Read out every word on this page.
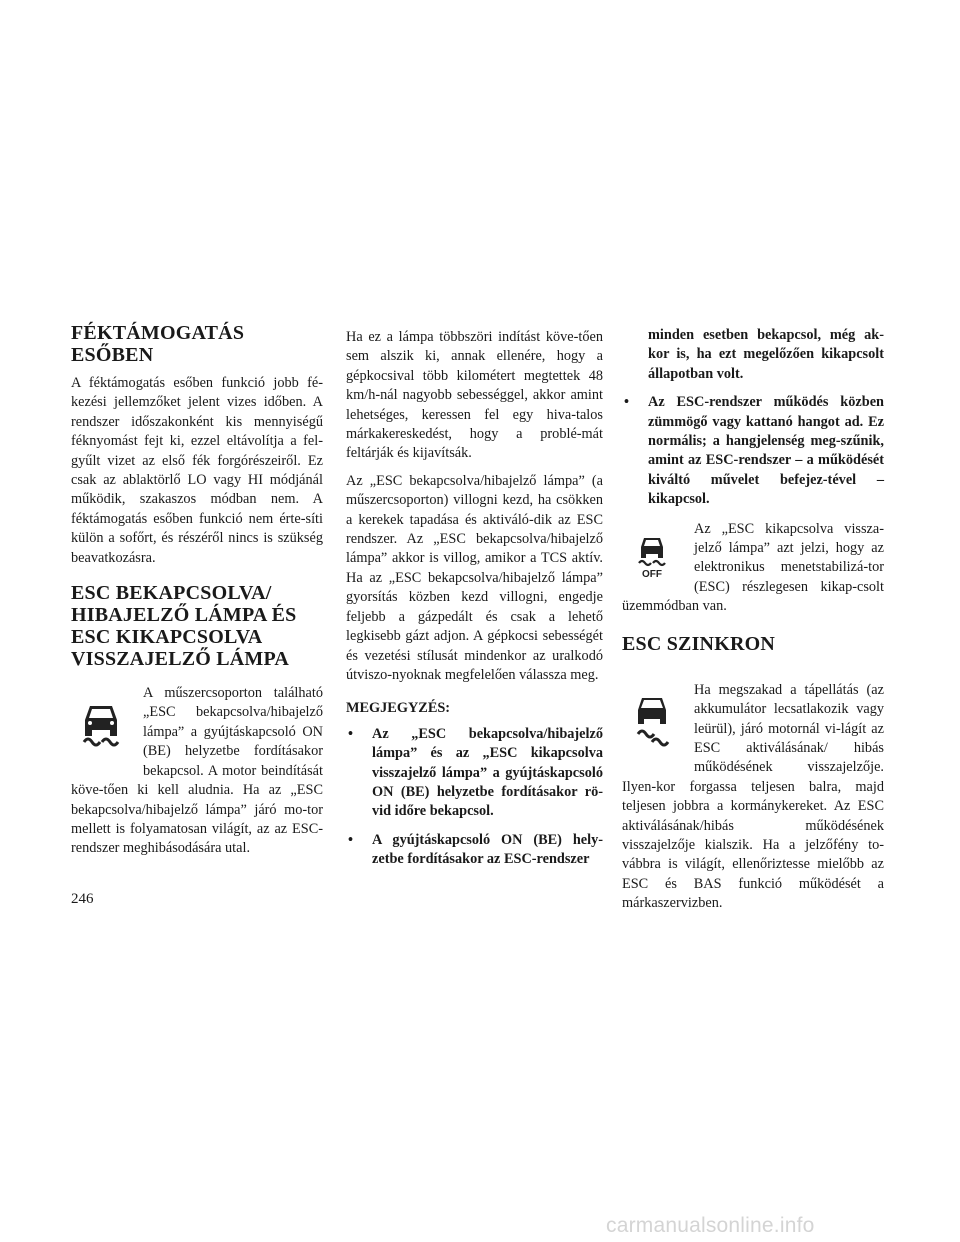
FÉKTÁMOGATÁS ESŐBEN

A féktámogatás esőben funkció jobb fé-kezési jellemzőket jelent vizes időben. A rendszer időszakonként kis mennyiségű féknyomást fejt ki, ezzel eltávolítja a fel-gyűlt vizet az első fék forgórészeiről. Ez csak az ablaktörlő LO vagy HI módjánál működik, szakaszos módban nem. A féktámogatás esőben funkció nem érte-síti külön a sofőrt, és részéről nincs is szükség beavatkozásra.

ESC BEKAPCSOLVA/ HIBAJELZŐ LÁMPA ÉS ESC KIKAPCSOLVA VISSZAJELZŐ LÁMPA

A műszercsoporton található „ESC bekapcsolva/hibajelző lámpa” a gyújtáskapcsoló ON (BE) helyzetbe fordításakor bekapcsol. A motor beindítását köve-tően ki kell aludnia. Ha az „ESC bekapcsolva/hibajelző lámpa” járó mo-tor mellett is folyamatosan világít, az az ESC-rendszer meghibásodására utal.

Ha ez a lámpa többszöri indítást köve-tően sem alszik ki, annak ellenére, hogy a gépkocsival több kilométert megtettek 48 km/h-nál nagyobb sebességgel, akkor amint lehetséges, keressen fel egy hiva-talos márkakereskedést, hogy a problé-mát feltárják és kijavítsák.

Az „ESC bekapcsolva/hibajelző lámpa” (a műszercsoporton) villogni kezd, ha csökken a kerekek tapadása és aktiváló-dik az ESC rendszer. Az „ESC bekapcsolva/hibajelző lámpa” akkor is villog, amikor a TCS aktív. Ha az „ESC bekapcsolva/hibajelző lámpa” gyorsítás közben kezd villogni, engedje feljebb a gázpedált és csak a lehető legkisebb gázt adjon. A gépkocsi sebességét és vezetési stílusát mindenkor az uralkodó útviszo-nyoknak megfelelően válassza meg.

MEGJEGYZÉS:

• Az „ESC bekapcsolva/hibajelző lámpa” és az „ESC kikapcsolva visszajelző lámpa” a gyújtáskapcsoló ON (BE) helyzetbe fordításakor rö-vid időre bekapcsol.
• A gyújtáskapcsoló ON (BE) hely-zetbe fordításakor az ESC-rendszer
minden esetben bekapcsol, még ak-kor is, ha ezt megelőzően kikapcsolt állapotban volt.
• Az ESC-rendszer működés közben zümmögő vagy kattanó hangot ad. Ez normális; a hangjelenség meg-szűnik, amint az ESC-rendszer – a működését kiváltó művelet befejez-tével – kikapcsol.
OFF

Az „ESC kikapcsolva vissza-jelző lámpa” azt jelzi, hogy az elektronikus menetstabilizá-tor (ESC) részlegesen kikap-csolt üzemmódban van.

ESC SZINKRON

Ha megszakad a tápellátás (az akkumulátor lecsatlakozik vagy leürül), járó motornál vi-lágít az ESC aktiválásának/ hibás működésének visszajelzője. Ilyen-kor forgassa teljesen balra, majd teljesen jobbra a kormánykereket. Az ESC aktiválásának/hibás működésének visszajelzője kialszik. Ha a jelzőfény to-vábbra is világít, ellenőriztesse mielőbb az ESC és BAS funkció működését a márkaszervizben.

246
carmanualsonline.info
